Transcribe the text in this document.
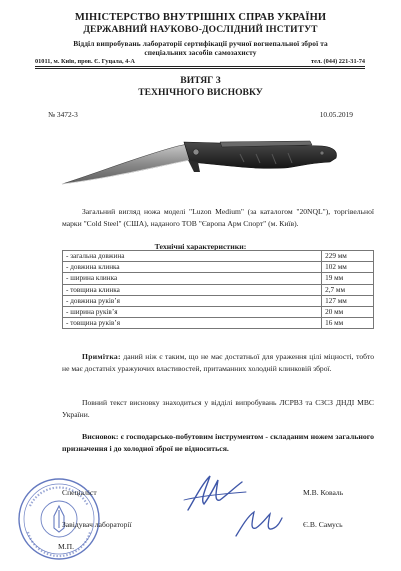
МІНІСТЕРСТВО ВНУТРІШНІХ СПРАВ УКРАЇНИ
ДЕРЖАВНИЙ НАУКОВО-ДОСЛІДНИЙ ІНСТИТУТ
Відділ випробувань лабораторії сертифікації ручної вогнепальної зброї та
спеціальних засобів самозахисту
01011, м. Київ, пров. Є. Гуцала, 4-А	тел. (044) 221-31-74
ВИТЯГ З
ТЕХНІЧНОГО ВИСНОВКУ
№ 3472-3	10.05.2019
Загальний вигляд ножа моделі "Luzon Medium" (за каталогом "20NQL"), торгівельної марки "Cold Steel" (США), наданого ТОВ "Європа Арм Спорт" (м. Київ).
Технічні характеристики:
- загальна довжина	229 мм
- довжина клинка	102 мм
- ширина клинка	19 мм
- товщина клинка	2,7 мм
- довжина руків’я	127 мм
- ширина руків’я	20 мм
- товщина руків’я	16 мм
Примітка: даний ніж є таким, що не має достатньої для ураження цілі міцності, тобто не має достатніх уражуючих властивостей, притаманних холодній клинковій зброї.
Повний текст висновку знаходиться у відділі випробувань ЛСРВЗ та СЗСЗ ДНДІ МВС України.
Висновок: є господарсько-побутовим інструментом - складаним ножем загального призначення і до холодної зброї не відноситься.
Спеціаліст	М.В. Коваль
Завідувач лабораторії	Є.В. Самусь
М.П.
